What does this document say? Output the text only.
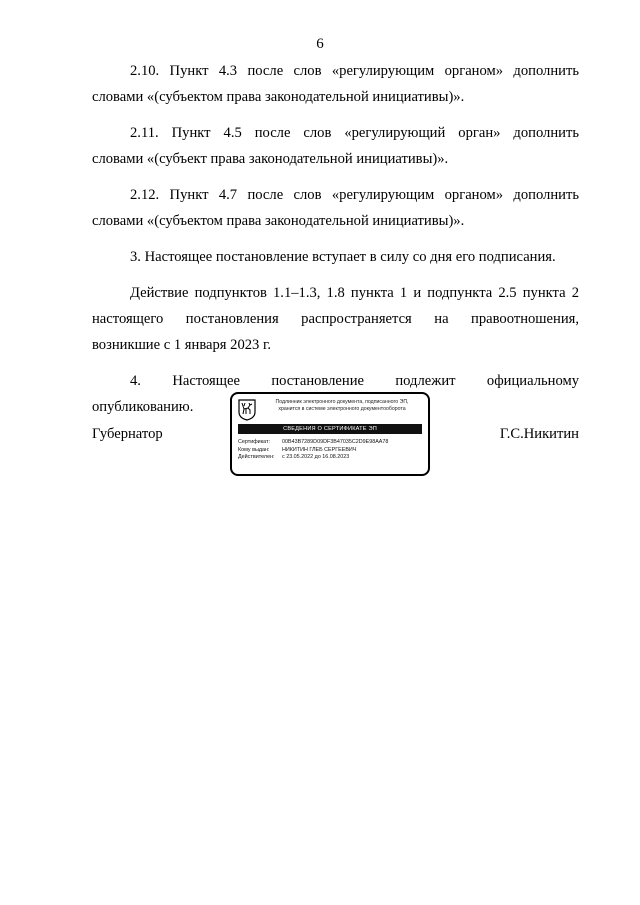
6
2.10. Пункт 4.3 после слов «регулирующим органом» дополнить
словами «(субъектом права законодательной инициативы)».
2.11. Пункт 4.5 после слов «регулирующий орган» дополнить
словами «(субъект права законодательной инициативы)».
2.12. Пункт 4.7 после слов «регулирующим органом» дополнить
словами «(субъектом права законодательной инициативы)».
3. Настоящее постановление вступает в силу со дня его подписания.
Действие подпунктов 1.1–1.3, 1.8 пункта 1 и подпункта 2.5 пункта 2
настоящего постановления распространяется на правоотношения,
возникшие с 1 января 2023 г.
4. Настоящее постановление подлежит официальному
опубликованию.
Губернатор
Подлинник электронного документа, подписанного ЭП,
хранится в системе электронного документооборота
СВЕДЕНИЯ О СЕРТИФИКАТЕ ЭП
Сертификат: 00B43B7289D09DF3B47035C2D9E98AA78
Кому выдан: НИКИТИН ГЛЕБ СЕРГЕЕВИЧ
Действителен: с 23.05.2022 до 16.08.2023
Г.С.Никитин
